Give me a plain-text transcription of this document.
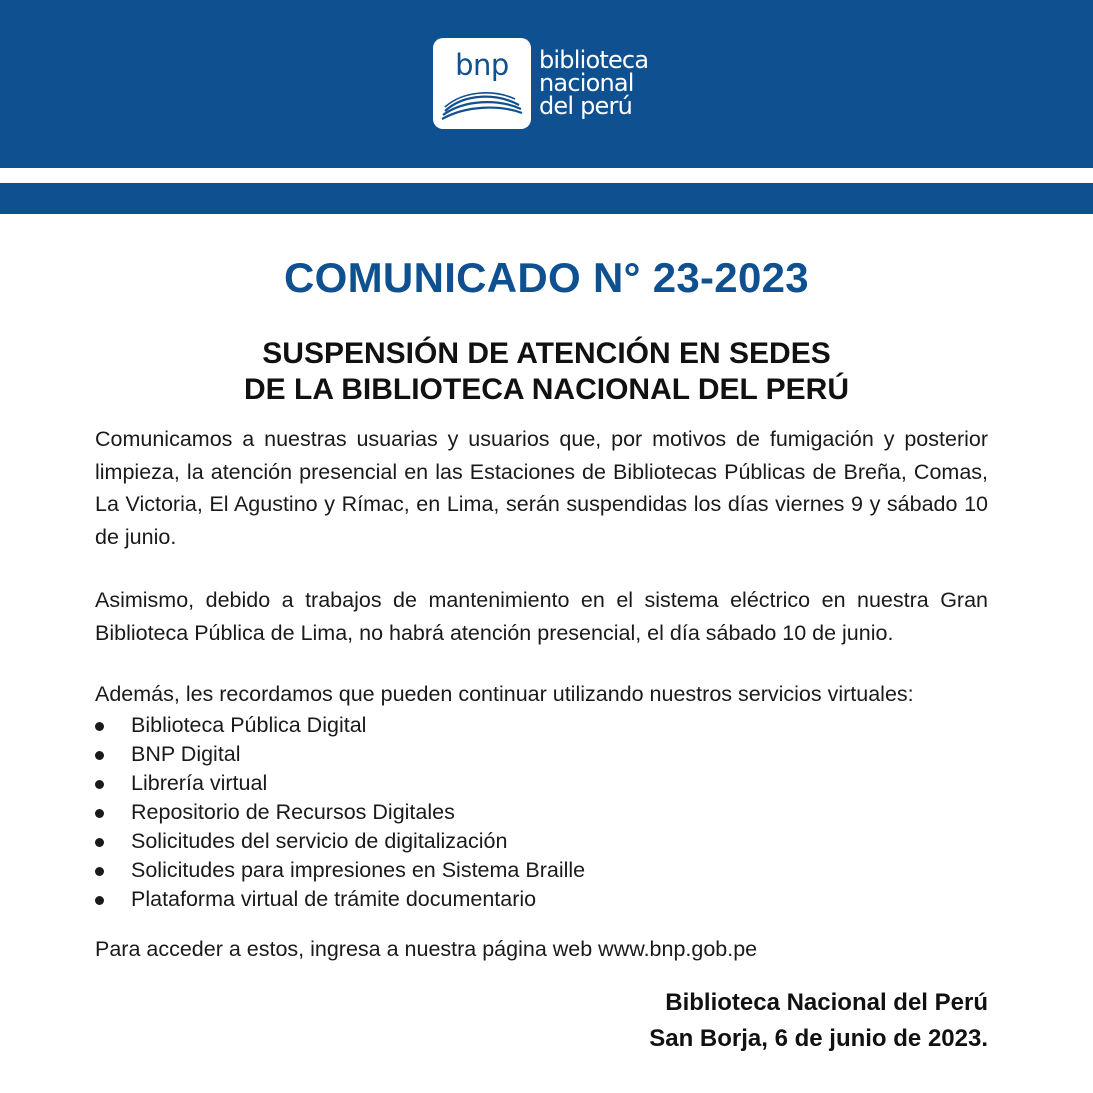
bnp	biblioteca
nacional
del perú
COMUNICADO N° 23-2023
SUSPENSIÓN DE ATENCIÓN EN SEDES
DE LA BIBLIOTECA NACIONAL DEL PERÚ
Comunicamos a nuestras usuarias y usuarios que, por motivos de fumigación y posterior limpieza, la atención presencial en las Estaciones de Bibliotecas Públicas de Breña, Comas, La Victoria, El Agustino y Rímac, en Lima, serán suspendidas los días viernes 9 y sábado 10 de junio.
Asimismo, debido a trabajos de mantenimiento en el sistema eléctrico en nuestra Gran Biblioteca Pública de Lima, no habrá atención presencial, el día sábado 10 de junio.
Además, les recordamos que pueden continuar utilizando nuestros servicios virtuales:
Biblioteca Pública Digital
BNP Digital
Librería virtual
Repositorio de Recursos Digitales
Solicitudes del servicio de digitalización
Solicitudes para impresiones en Sistema Braille
Plataforma virtual de trámite documentario
Para acceder a estos, ingresa a nuestra página web www.bnp.gob.pe
Biblioteca Nacional del Perú
San Borja, 6 de junio de 2023.
